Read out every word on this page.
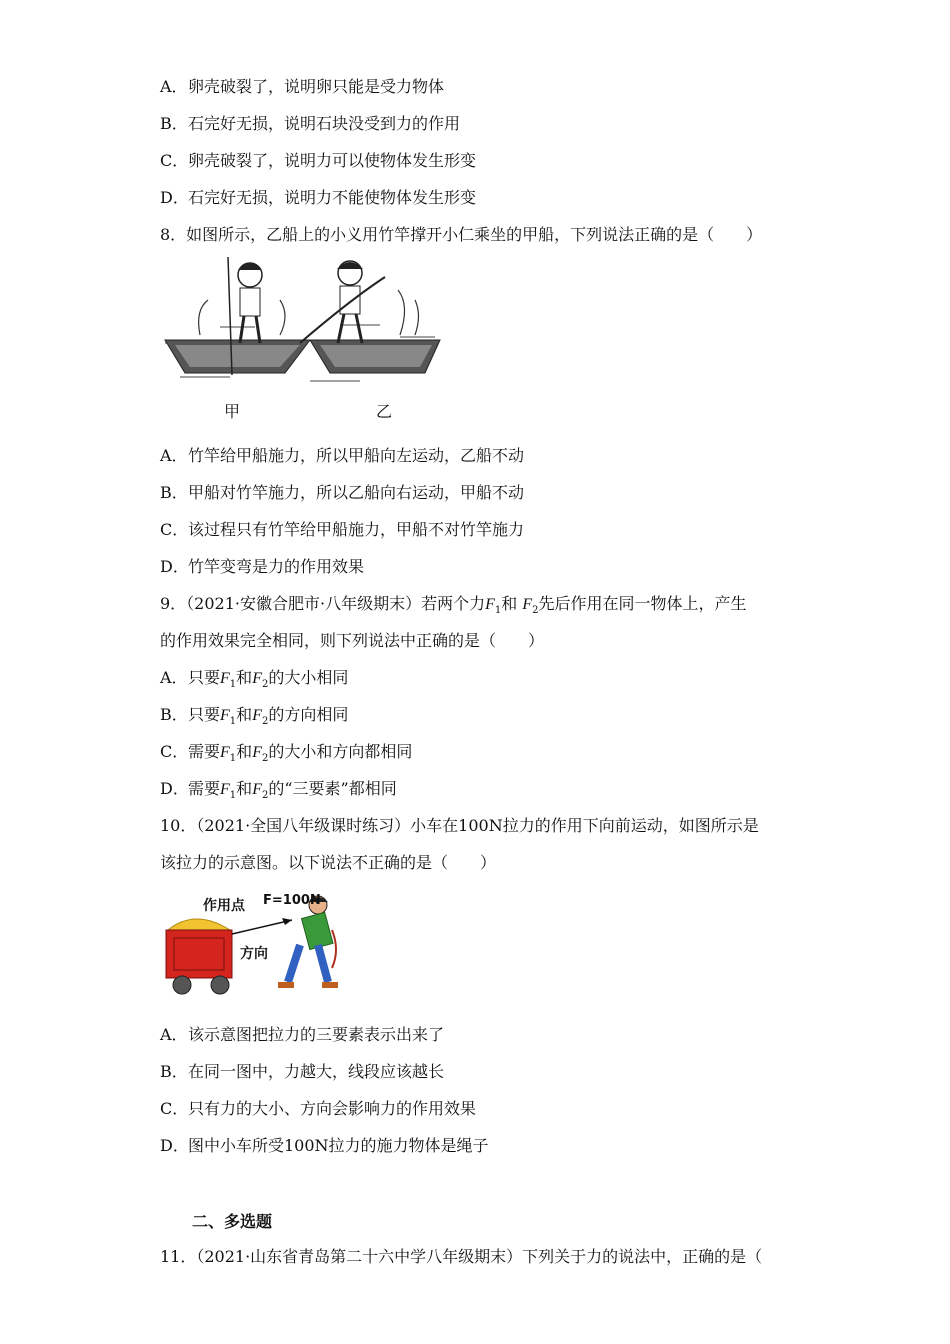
A．卵壳破裂了，说明卵只能是受力物体
B．石完好无损，说明石块没受到力的作用
C．卵壳破裂了，说明力可以使物体发生形变
D．石完好无损，说明力不能使物体发生形变
8．如图所示，乙船上的小义用竹竿撑开小仁乘坐的甲船，下列说法正确的是（　　）
甲	乙
A．竹竿给甲船施力，所以甲船向左运动，乙船不动
B．甲船对竹竿施力，所以乙船向右运动，甲船不动
C．该过程只有竹竿给甲船施力，甲船不对竹竿施力
D．竹竿变弯是力的作用效果
9．（2021·安徽合肥市·八年级期末）若两个力$F_1$和 $F_2$先后作用在同一物体上，产生
的作用效果完全相同，则下列说法中正确的是（　　）
A．只要$F_1$和$F_2$的大小相同
B．只要$F_1$和$F_2$的方向相同
C．需要$F_1$和$F_2$的大小和方向都相同
D．需要$F_1$和$F_2$的“三要素”都相同
10．（2021·全国八年级课时练习）小车在100N拉力的作用下向前运动，如图所示是
该拉力的示意图。以下说法不正确的是（　　）
作用点 F=100N
方向
A．该示意图把拉力的三要素表示出来了
B．在同一图中，力越大，线段应该越长
C．只有力的大小、方向会影响力的作用效果
D．图中小车所受100N拉力的施力物体是绳子
二、多选题
11．（2021·山东省青岛第二十六中学八年级期末）下列关于力的说法中，正确的是（
